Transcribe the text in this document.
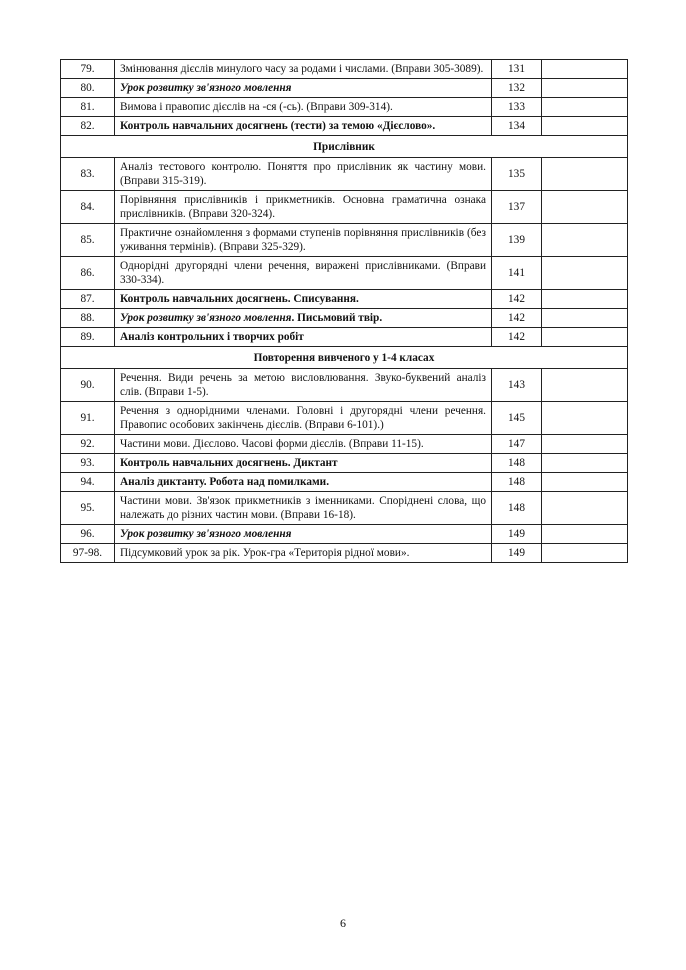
79.	Змінювання дієслів минулого часу за родами і числами. (Вправи 305-3089).	131	
80.	Урок розвитку зв'язного мовлення	132	
81.	Вимова і правопис дієслів на -ся (-сь). (Вправи 309-314).	133	
82.	Контроль навчальних досягнень (тести) за темою «Дієслово».	134	
Прислівник			
83.	Аналіз тестового контролю. Поняття про прислівник як частину мови. (Вправи 315-319).	135	
84.	Порівняння прислівників і прикметників. Основна граматична ознака прислівників. (Вправи 320-324).	137	
85.	Практичне ознайомлення з формами ступенів порівняння прислівників (без уживання термінів). (Вправи 325-329).	139	
86.	Однорідні другорядні члени речення, виражені прислівниками. (Вправи 330-334).	141	
87.	Контроль навчальних досягнень. Списування.	142	
88.	Урок розвитку зв'язного мовлення. Письмовий твір.	142	
89.	Аналіз контрольних і творчих робіт	142	
Повторення вивченого у 1-4 класах			
90.	Речення. Види речень за метою висловлювання. Звуко-буквений аналіз слів. (Вправи 1-5).	143	
91.	Речення з однорідними членами. Головні і другорядні члени речення. Правопис особових закінчень дієслів. (Вправи 6-101).)	145	
92.	Частини мови. Дієслово. Часові форми дієслів. (Вправи 11-15).	147	
93.	Контроль навчальних досягнень. Диктант	148	
94.	Аналіз диктанту. Робота над помилками.	148	
95.	Частини мови. Зв'язок прикметників з іменниками. Споріднені слова, що належать до різних частин мови. (Вправи 16-18).	148	
96.	Урок розвитку зв'язного мовлення	149	
97-98.	Підсумковий урок за рік. Урок-гра «Територія рідної мови».	149	
6
